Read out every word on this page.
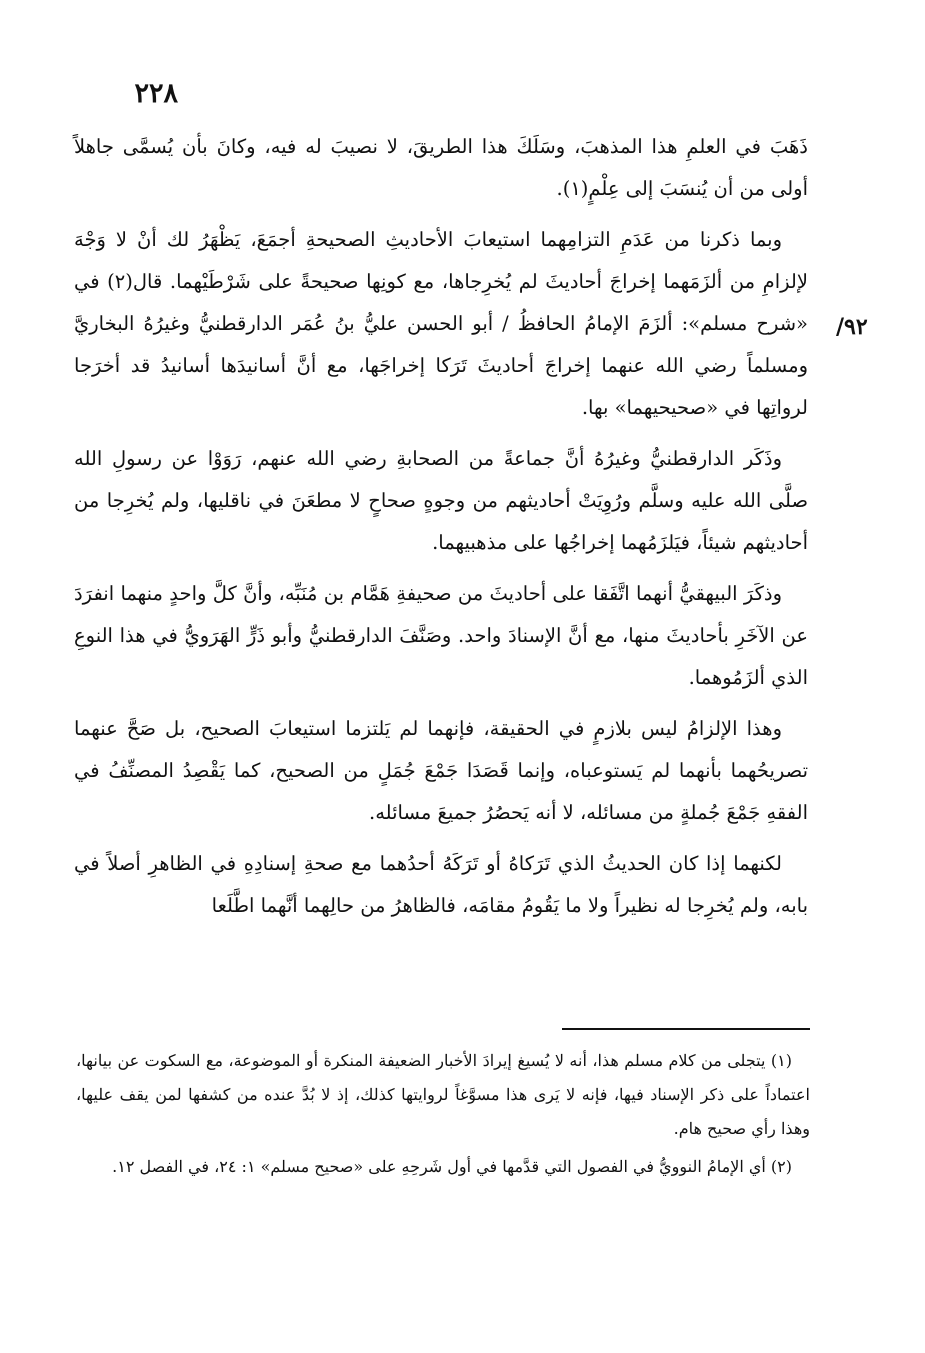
٢٢٨
٩٢/

ذَهَبَ في العلمِ هذا المذهبَ، وسَلَكَ هذا الطريقَ، لا نصيبَ له فيه، وكانَ بأن يُسمَّى جاهلاً أولى من أن يُنسَبَ إلى عِلْمٍ(١).

وبما ذكرنا من عَدَمِ التزامِهما استيعابَ الأحاديثِ الصحيحةِ أجمَعَ، يَظْهَرُ لك أنْ لا وَجْهَ لإلزامِ من ألزَمَهما إخراجَ أحاديثَ لم يُخرِجاها، مع كونِها صحيحةً على شَرْطَيْهما. قال(٢) في «شرح مسلم»: ألزَمَ الإمامُ الحافظُ / أبو الحسن عليُّ بنُ عُمَر الدارقطنيُّ وغيرُهُ البخاريَّ ومسلماً رضي الله عنهما إخراجَ أحاديثَ تَرَكا إخراجَها، مع أنَّ أسانيدَها أسانيدُ قد أخرَجا لرواتِها في «صحيحيهما» بها.

وذَكَر الدارقطنيُّ وغيرُهُ أنَّ جماعةً من الصحابةِ رضي الله عنهم، رَوَوْا عن رسولِ الله صلَّى الله عليه وسلَّم ورُوِيَتْ أحاديثهم من وجوهٍ صحاحٍ لا مطعَنَ في ناقليها، ولم يُخرِجا من أحاديثهم شيئاً، فيَلزَمُهما إخراجُها على مذهبيهما.

وذكَرَ البيهقيُّ أنهما اتَّفَقا على أحاديثَ من صحيفةِ هَمَّام بن مُنَبِّه، وأنَّ كلَّ واحدٍ منهما انفرَدَ عن الآخَرِ بأحاديثَ منها، مع أنَّ الإسنادَ واحد. وصَنَّفَ الدارقطنيُّ وأبو ذَرٍّ الهَرَويُّ في هذا النوعِ الذي ألزَمُوهما.

وهذا الإلزامُ ليس بلازمٍ في الحقيقة، فإنهما لم يَلتزما استيعابَ الصحيح، بل صَحَّ عنهما تصريحُهما بأنهما لم يَستوعباه، وإنما قَصَدَا جَمْعَ جُمَلٍ من الصحيح، كما يَقْصِدُ المصنِّفُ في الفقهِ جَمْعَ جُملةٍ من مسائله، لا أنه يَحصُرُ جميعَ مسائله.

لكنهما إذا كان الحديثُ الذي تَرَكاهُ أو تَرَكَهُ أحدُهما مع صحةِ إسنادِهِ في الظاهرِ أصلاً في بابه، ولم يُخرِجا له نظيراً ولا ما يَقُومُ مقامَه، فالظاهرُ من حالِهما أنَّهما اطَّلَعا

(١) يتجلى من كلام مسلم هذا، أنه لا يُسيغ إيرادَ الأخبار الضعيفة المنكرة أو الموضوعة، مع السكوت عن بيانها، اعتماداً على ذكر الإسناد فيها، فإنه لا يَرى هذا مسوَّغاً لروايتها كذلك، إذ لا بُدَّ عنده من كشفها لمن يقف عليها، وهذا رأي صحيح هام.

(٢) أي الإمامُ النوويُّ في الفصول التي قدَّمها في أول شَرحِهِ على «صحيح مسلم» ١: ٢٤، في الفصل ١٢.
